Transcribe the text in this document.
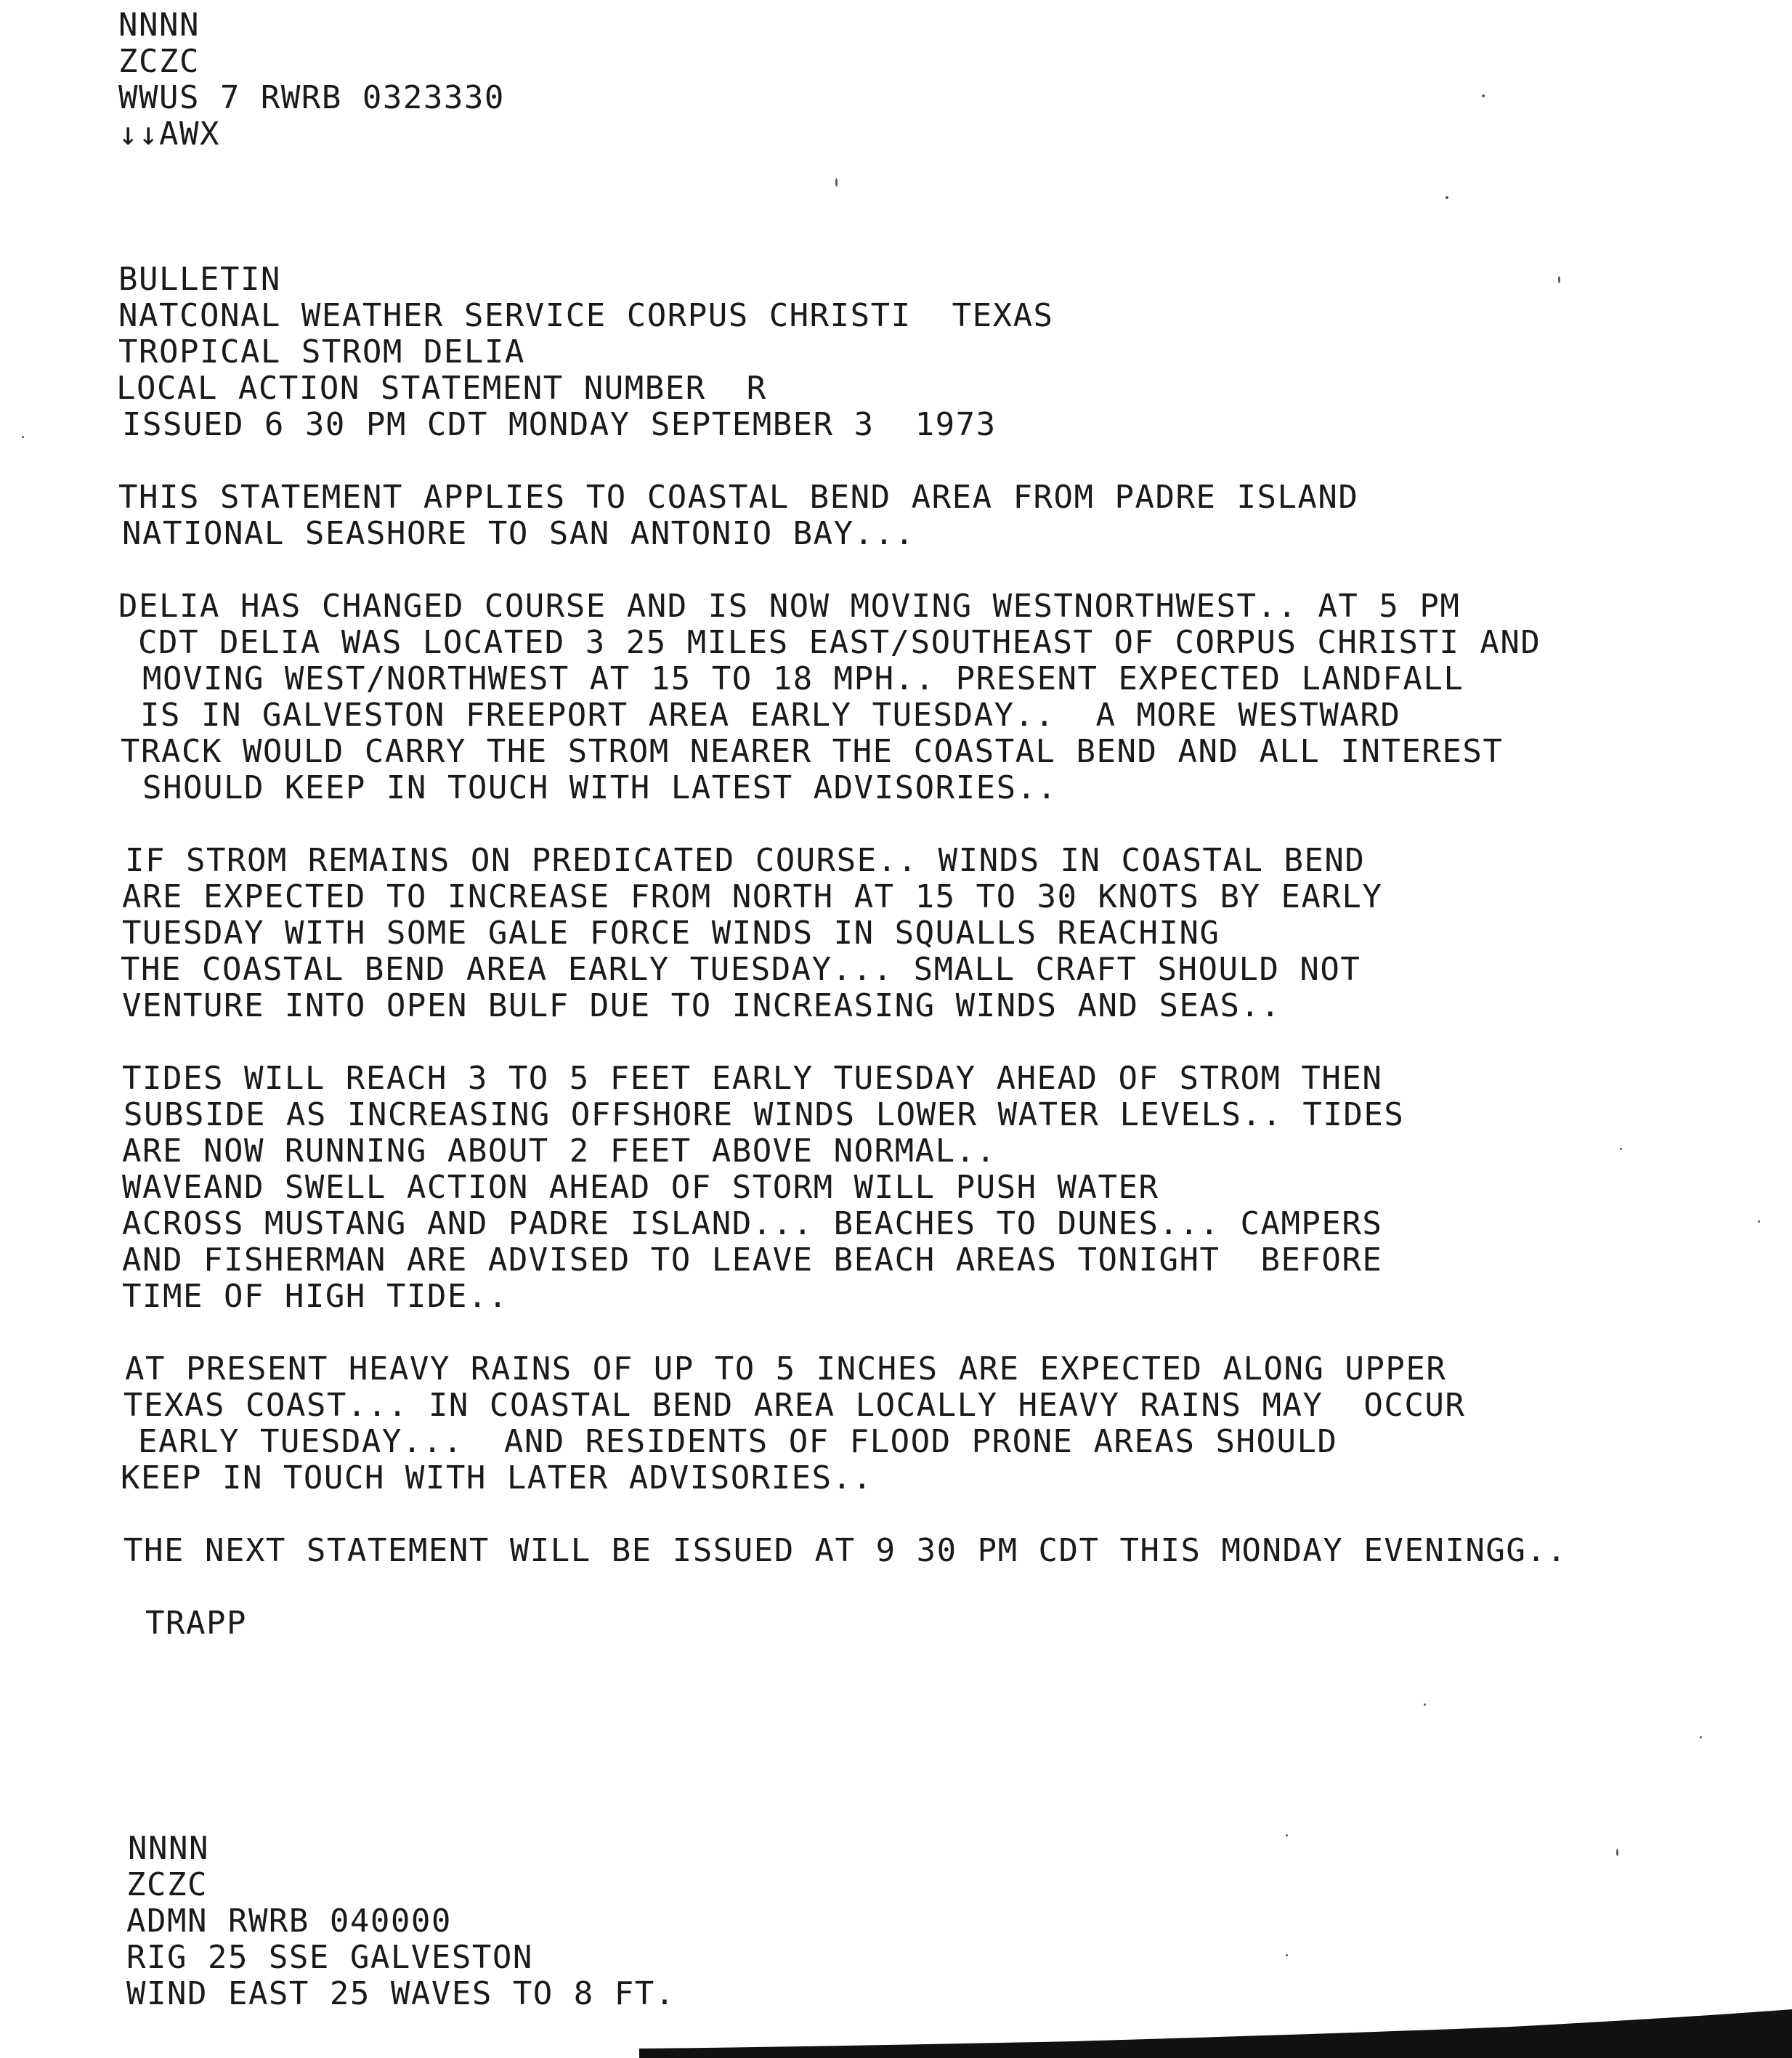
NNNN
ZCZC
WWUS 7 RWRB 0323330
↓↓AWX
BULLETIN
NATCONAL WEATHER SERVICE CORPUS CHRISTI  TEXAS
TROPICAL STROM DELIA
LOCAL ACTION STATEMENT NUMBER  R
ISSUED 6 30 PM CDT MONDAY SEPTEMBER 3  1973
THIS STATEMENT APPLIES TO COASTAL BEND AREA FROM PADRE ISLAND
NATIONAL SEASHORE TO SAN ANTONIO BAY...
DELIA HAS CHANGED COURSE AND IS NOW MOVING WESTNORTHWEST.. AT 5 PM
CDT DELIA WAS LOCATED 3 25 MILES EAST/SOUTHEAST OF CORPUS CHRISTI AND
MOVING WEST/NORTHWEST AT 15 TO 18 MPH.. PRESENT EXPECTED LANDFALL
IS IN GALVESTON FREEPORT AREA EARLY TUESDAY..  A MORE WESTWARD
TRACK WOULD CARRY THE STROM NEARER THE COASTAL BEND AND ALL INTEREST
SHOULD KEEP IN TOUCH WITH LATEST ADVISORIES..
IF STROM REMAINS ON PREDICATED COURSE.. WINDS IN COASTAL BEND
ARE EXPECTED TO INCREASE FROM NORTH AT 15 TO 30 KNOTS BY EARLY
TUESDAY WITH SOME GALE FORCE WINDS IN SQUALLS REACHING
THE COASTAL BEND AREA EARLY TUESDAY... SMALL CRAFT SHOULD NOT
VENTURE INTO OPEN BULF DUE TO INCREASING WINDS AND SEAS..
TIDES WILL REACH 3 TO 5 FEET EARLY TUESDAY AHEAD OF STROM THEN
SUBSIDE AS INCREASING OFFSHORE WINDS LOWER WATER LEVELS.. TIDES
ARE NOW RUNNING ABOUT 2 FEET ABOVE NORMAL..
WAVEAND SWELL ACTION AHEAD OF STORM WILL PUSH WATER
ACROSS MUSTANG AND PADRE ISLAND... BEACHES TO DUNES... CAMPERS
AND FISHERMAN ARE ADVISED TO LEAVE BEACH AREAS TONIGHT  BEFORE
TIME OF HIGH TIDE..
AT PRESENT HEAVY RAINS OF UP TO 5 INCHES ARE EXPECTED ALONG UPPER
TEXAS COAST... IN COASTAL BEND AREA LOCALLY HEAVY RAINS MAY  OCCUR
EARLY TUESDAY...  AND RESIDENTS OF FLOOD PRONE AREAS SHOULD
KEEP IN TOUCH WITH LATER ADVISORIES..
THE NEXT STATEMENT WILL BE ISSUED AT 9 30 PM CDT THIS MONDAY EVENINGG..
TRAPP
NNNN
ZCZC
ADMN RWRB 040000
RIG 25 SSE GALVESTON
WIND EAST 25 WAVES TO 8 FT.
